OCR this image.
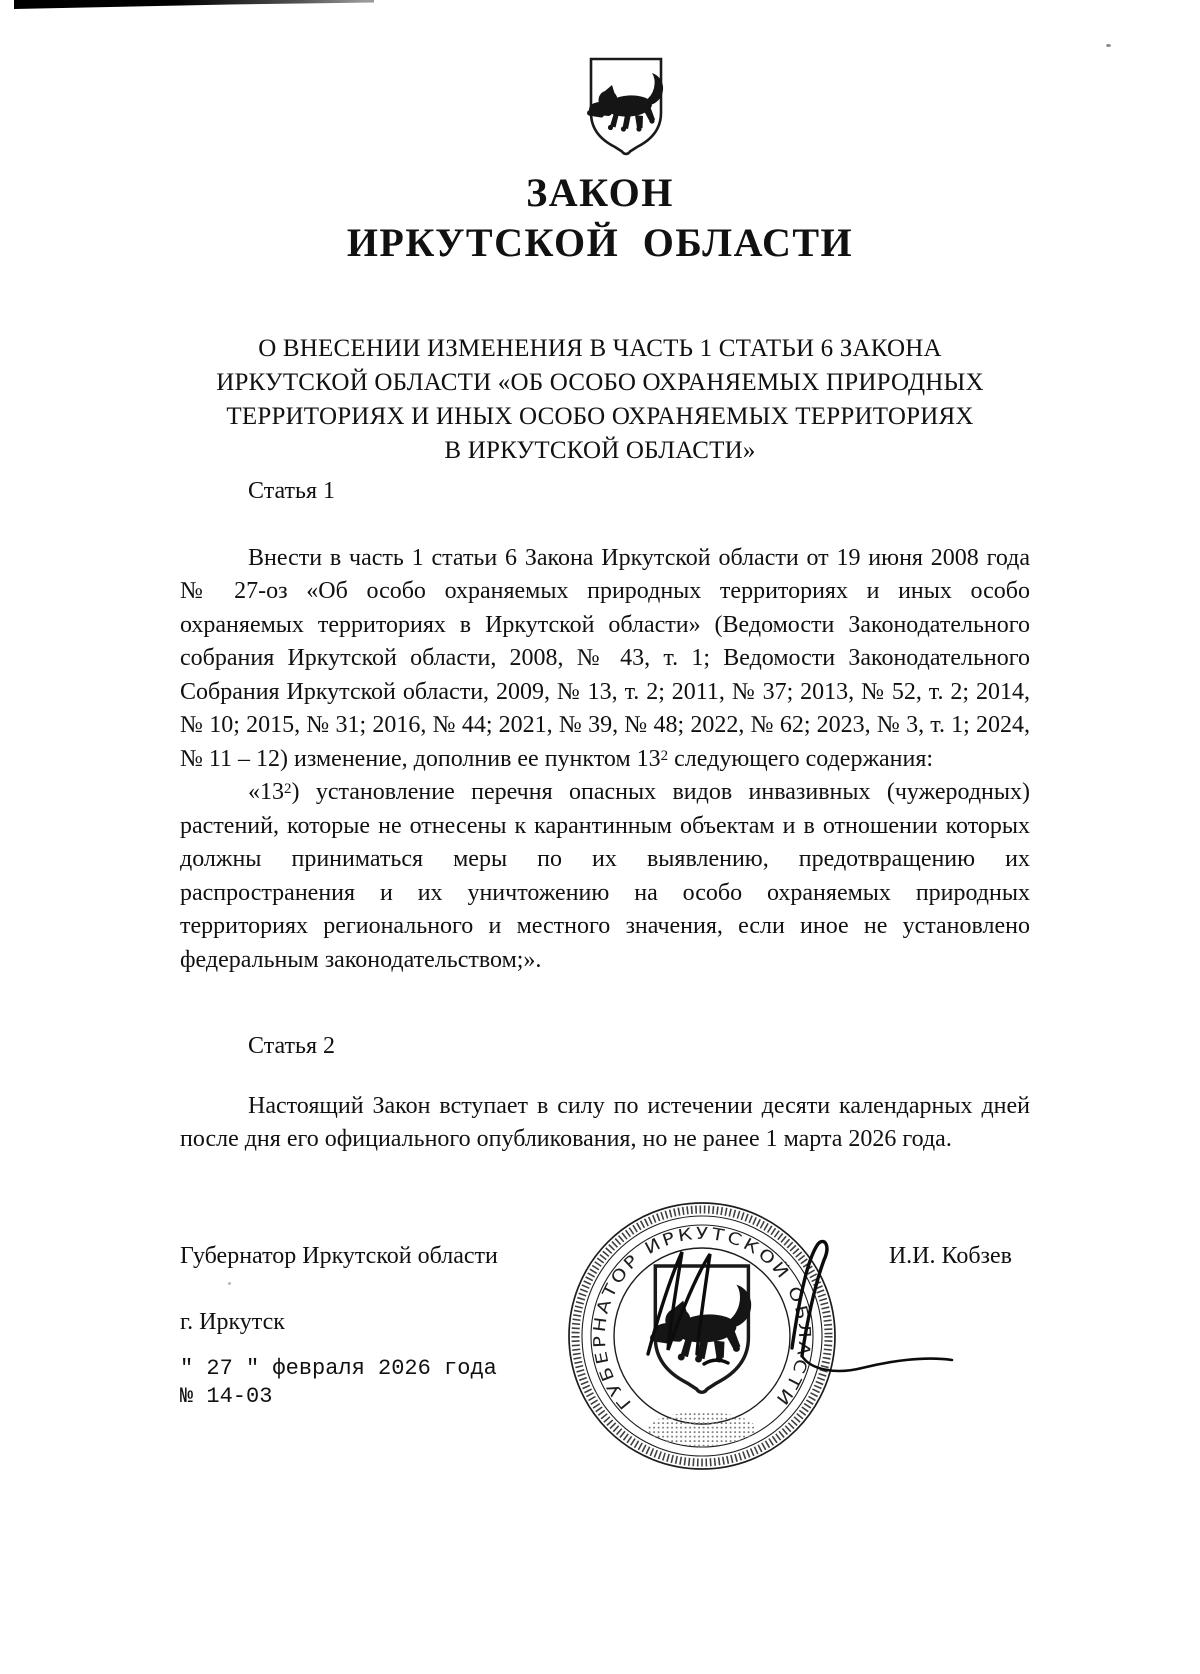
ЗАКОН
ИРКУТСКОЙ ОБЛАСТИ
О ВНЕСЕНИИ ИЗМЕНЕНИЯ В ЧАСТЬ 1 СТАТЬИ 6 ЗАКОНА
ИРКУТСКОЙ ОБЛАСТИ «ОБ ОСОБО ОХРАНЯЕМЫХ ПРИРОДНЫХ
ТЕРРИТОРИЯХ И ИНЫХ ОСОБО ОХРАНЯЕМЫХ ТЕРРИТОРИЯХ
В ИРКУТСКОЙ ОБЛАСТИ»

Статья 1

Внести в часть 1 статьи 6 Закона Иркутской области от 19 июня 2008 года № 27-оз «Об особо охраняемых природных территориях и иных особо охраняемых территориях в Иркутской области» (Ведомости Законодательного собрания Иркутской области, 2008, № 43, т. 1; Ведомости Законодательного Собрания Иркутской области, 2009, № 13, т. 2; 2011, № 37; 2013, № 52, т. 2; 2014, № 10; 2015, № 31; 2016, № 44; 2021, № 39, № 48; 2022, № 62; 2023, № 3, т. 1; 2024, № 11 – 12) изменение, дополнив ее пунктом $13^2$ следующего содержания:

«$13^2$) установление перечня опасных видов инвазивных (чужеродных) растений, которые не отнесены к карантинным объектам и в отношении которых должны приниматься меры по их выявлению, предотвращению их распространения и их уничтожению на особо охраняемых природных территориях регионального и местного значения, если иное не установлено федеральным законодательством;».

Статья 2

Настоящий Закон вступает в силу по истечении десяти календарных дней после дня его официального опубликования, но не ранее 1 марта 2026 года.

Губернатор Иркутской области	И.И. Кобзев
г. Иркутск
" 27 " февраля 2026 года
№ 14-03	ГУБЕРНАТОР ИРКУТСКОЙ ОБЛАСТИ
